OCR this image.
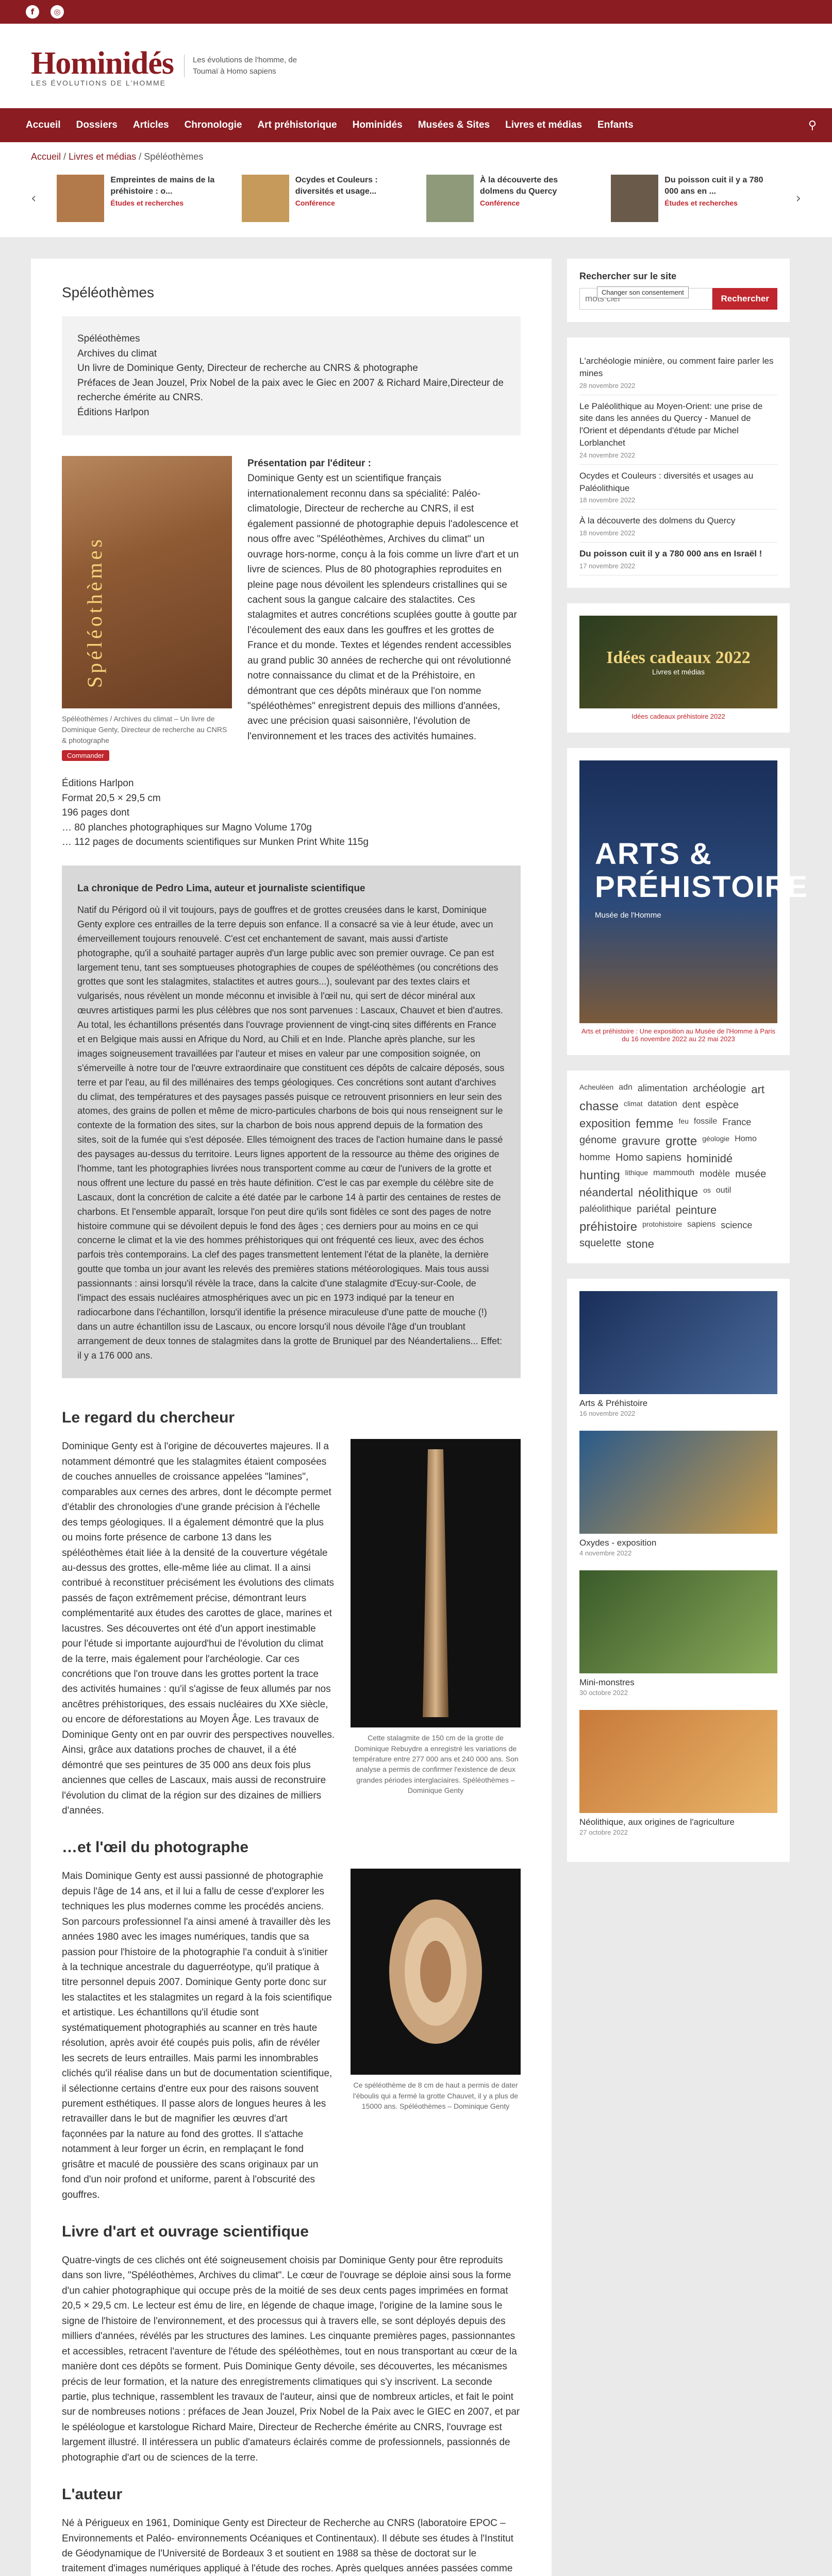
f	◎
Hominidés
LES ÉVOLUTIONS DE L'HOMME
Les évolutions de l'homme, de Toumaï à Homo sapiens
Accueil Dossiers Articles Chronologie Art préhistorique Hominidés Musées & Sites Livres et médias Enfants	⚲
Accueil / Livres et médias / Spéléothèmes
‹
Empreintes de mains de la préhistoire : o...
Études et recherches
Ocydes et Couleurs : diversités et usage...
Conférence
À la découverte des dolmens du Quercy
Conférence
Du poisson cuit il y a 780 000 ans en ...
Études et recherches	›
Spéléothèmes
Spéléothèmes
Archives du climat
Un livre de Dominique Genty, Directeur de recherche au CNRS & photographe
Préfaces de Jean Jouzel, Prix Nobel de la paix avec le Giec en 2007 & Richard Maire,Directeur de recherche émérite au CNRS.
Éditions Harlpon
Spéléothèmes
Spéléothèmes / Archives du climat – Un livre de Dominique Genty, Directeur de recherche au CNRS & photographe
Commander
Présentation par l'éditeur :
Dominique Genty est un scientifique français internationalement reconnu dans sa spécialité: Paléo-climatologie, Directeur de recherche au CNRS, il est également passionné de photographie depuis l'adolescence et nous offre avec "Spéléothèmes, Archives du climat" un ouvrage hors-norme, conçu à la fois comme un livre d'art et un livre de sciences. Plus de 80 photographies reproduites en pleine page nous dévoilent les splendeurs cristallines qui se cachent sous la gangue calcaire des stalactites. Ces stalagmites et autres concrétions scuplées goutte à goutte par l'écoulement des eaux dans les gouffres et les grottes de France et du monde. Textes et légendes rendent accessibles au grand public 30 années de recherche qui ont révolutionné notre connaissance du climat et de la Préhistoire, en démontrant que ces dépôts minéraux que l'on nomme "spéléothèmes" enregistrent depuis des millions d'années, avec une précision quasi saisonnière, l'évolution de l'environnement et les traces des activités humaines.
Éditions Harlpon
Format 20,5 × 29,5 cm
196 pages dont
… 80 planches photographiques sur Magno Volume 170g
… 112 pages de documents scientifiques sur Munken Print White 115g
La chronique de Pedro Lima, auteur et journaliste scientifique
Natif du Périgord où il vit toujours, pays de gouffres et de grottes creusées dans le karst, Dominique Genty explore ces entrailles de la terre depuis son enfance. Il a consacré sa vie à leur étude, avec un émerveillement toujours renouvelé. C'est cet enchantement de savant, mais aussi d'artiste photographe, qu'il a souhaité partager auprès d'un large public avec son premier ouvrage. Ce pan est largement tenu, tant ses somptueuses photographies de coupes de spéléothèmes (ou concrétions des grottes que sont les stalagmites, stalactites et autres gours...), soulevant par des textes clairs et vulgarisés, nous révèlent un monde méconnu et invisible à l'œil nu, qui sert de décor minéral aux œuvres artistiques parmi les plus célèbres que nos sont parvenues : Lascaux, Chauvet et bien d'autres. Au total, les échantillons présentés dans l'ouvrage proviennent de vingt-cinq sites différents en France et en Belgique mais aussi en Afrique du Nord, au Chili et en Inde. Planche après planche, sur les images soigneusement travaillées par l'auteur et mises en valeur par une composition soignée, on s'émerveille à notre tour de l'œuvre extraordinaire que constituent ces dépôts de calcaire déposés, sous terre et par l'eau, au fil des millénaires des temps géologiques. Ces concrétions sont autant d'archives du climat, des températures et des paysages passés puisque ce retrouvent prisonniers en leur sein des atomes, des grains de pollen et même de micro-particules charbons de bois qui nous renseignent sur le contexte de la formation des sites, sur la charbon de bois nous apprend depuis de la formation des sites, soit de la fumée qui s'est déposée. Elles témoignent des traces de l'action humaine dans le passé des paysages au-dessus du territoire. Leurs lignes apportent de la ressource au thème des origines de l'homme, tant les photographies livrées nous transportent comme au cœur de l'univers de la grotte et nous offrent une lecture du passé en très haute définition. C'est le cas par exemple du célèbre site de Lascaux, dont la concrétion de calcite a été datée par le carbone 14 à partir des centaines de restes de charbons. Et l'ensemble apparaît, lorsque l'on peut dire qu'ils sont fidèles ce sont des pages de notre histoire commune qui se dévoilent depuis le fond des âges ; ces derniers pour au moins en ce qui concerne le climat et la vie des hommes préhistoriques qui ont fréquenté ces lieux, avec des échos parfois très contemporains. La clef des pages transmettent lentement l'état de la planète, la dernière goutte que tomba un jour avant les relevés des premières stations météorologiques. Mais tous aussi passionnants : ainsi lorsqu'il révèle la trace, dans la calcite d'une stalagmite d'Ecuy-sur-Coole, de l'impact des essais nucléaires atmosphériques avec un pic en 1973 indiqué par la teneur en radiocarbone dans l'échantillon, lorsqu'il identifie la présence miraculeuse d'une patte de mouche (!) dans un autre échantillon issu de Lascaux, ou encore lorsqu'il nous dévoile l'âge d'un troublant arrangement de deux tonnes de stalagmites dans la grotte de Bruniquel par des Néandertaliens... Effet: il y a 176 000 ans.
Le regard du chercheur
Dominique Genty est à l'origine de découvertes majeures. Il a notamment démontré que les stalagmites étaient composées de couches annuelles de croissance appelées "lamines", comparables aux cernes des arbres, dont le décompte permet d'établir des chronologies d'une grande précision à l'échelle des temps géologiques. Il a également démontré que la plus ou moins forte présence de carbone 13 dans les spéléothèmes était liée à la densité de la couverture végétale au-dessus des grottes, elle-même liée au climat. Il a ainsi contribué à reconstituer précisément les évolutions des climats passés de façon extrêmement précise, démontrant leurs complémentarité aux études des carottes de glace, marines et lacustres. Ses découvertes ont été d'un apport inestimable pour l'étude si importante aujourd'hui de l'évolution du climat de la terre, mais également pour l'archéologie. Car ces concrétions que l'on trouve dans les grottes portent la trace des activités humaines : qu'il s'agisse de feux allumés par nos ancêtres préhistoriques, des essais nucléaires du XXe siècle, ou encore de déforestations au Moyen Âge. Les travaux de Dominique Genty ont en par ouvrir des perspectives nouvelles. Ainsi, grâce aux datations proches de chauvet, il a été démontré que ses peintures de 35 000 ans deux fois plus anciennes que celles de Lascaux, mais aussi de reconstruire l'évolution du climat de la région sur des dizaines de milliers d'années.
Cette stalagmite de 150 cm de la grotte de Dominique Rebuydre a enregistré les variations de température entre 277 000 ans et 240 000 ans. Son analyse a permis de confirmer l'existence de deux grandes périodes interglaciaires. Spéléothèmes – Dominique Genty
…et l'œil du photographe
Mais Dominique Genty est aussi passionné de photographie depuis l'âge de 14 ans, et il lui a fallu de cesse d'explorer les techniques les plus modernes comme les procédés anciens. Son parcours professionnel l'a ainsi amené à travailler dès les années 1980 avec les images numériques, tandis que sa passion pour l'histoire de la photographie l'a conduit à s'initier à la technique ancestrale du daguerréotype, qu'il pratique à titre personnel depuis 2007. Dominique Genty porte donc sur les stalactites et les stalagmites un regard à la fois scientifique et artistique. Les échantillons qu'il étudie sont systématiquement photographiés au scanner en très haute résolution, après avoir été coupés puis polis, afin de révéler les secrets de leurs entrailles. Mais parmi les innombrables clichés qu'il réalise dans un but de documentation scientifique, il sélectionne certains d'entre eux pour des raisons souvent purement esthétiques. Il passe alors de longues heures à les retravailler dans le but de magnifier les œuvres d'art façonnées par la nature au fond des grottes. Il s'attache notamment à leur forger un écrin, en remplaçant le fond grisâtre et maculé de poussière des scans originaux par un fond d'un noir profond et uniforme, parent à l'obscurité des gouffres.
Ce spéléothème de 8 cm de haut a permis de dater l'éboulis qui a fermé la grotte Chauvet, il y a plus de 15000 ans. Spéléothèmes – Dominique Genty
Livre d'art et ouvrage scientifique
Quatre-vingts de ces clichés ont été soigneusement choisis par Dominique Genty pour être reproduits dans son livre, "Spéléothèmes, Archives du climat". Le cœur de l'ouvrage se déploie ainsi sous la forme d'un cahier photographique qui occupe près de la moitié de ses deux cents pages imprimées en format 20,5 × 29,5 cm. Le lecteur est ému de lire, en légende de chaque image, l'origine de la lamine sous le signe de l'histoire de l'environnement, et des processus qui à travers elle, se sont déployés depuis des milliers d'années, révélés par les structures des lamines. Les cinquante premières pages, passionnantes et accessibles, retracent l'aventure de l'étude des spéléothèmes, tout en nous transportant au cœur de la manière dont ces dépôts se forment. Puis Dominique Genty dévoile, ses découvertes, les mécanismes précis de leur formation, et la nature des enregistrements climatiques qui s'y inscrivent. La seconde partie, plus technique, rassemblent les travaux de l'auteur, ainsi que de nombreux articles, et fait le point sur de nombreuses notions : préfaces de Jean Jouzel, Prix Nobel de la Paix avec le GIEC en 2007, et par le spéléologue et karstologue Richard Maire, Directeur de Recherche émérite au CNRS, l'ouvrage est largement illustré. Il intéressera un public d'amateurs éclairés comme de professionnels, passionnés de photographie d'art ou de sciences de la terre.
L'auteur
Né à Périgueux en 1961, Dominique Genty est Directeur de Recherche au CNRS (laboratoire EPOC – Environnements et Paléo- environnements Océaniques et Continentaux). Il débute ses études à l'Institut de Géodynamique de l'Université de Bordeaux 3 et soutient en 1988 sa thèse de doctorat sur le traitement d'images numériques appliqué à l'étude des roches. Après quelques années passées comme
Rechercher sur le site
mots clef
Rechercher
L'archéologie minière, ou comment faire parler les mines
28 novembre 2022
Le Paléolithique au Moyen-Orient: une prise de site dans les années du Quercy - Manuel de l'Orient et dépendants d'étude par Michel Lorblanchet
24 novembre 2022
Ocydes et Couleurs : diversités et usages au Paléolithique
18 novembre 2022
À la découverte des dolmens du Quercy
18 novembre 2022
Du poisson cuit il y a 780 000 ans en Israël !
17 novembre 2022
Idées cadeaux 2022
Livres et médias
Idées cadeaux préhistoire 2022
ARTS & PRÉHISTOIRE
Musée de l'Homme
Arts et préhistoire : Une exposition au Musée de l'Homme à Paris du 16 novembre 2022 au 22 mai 2023
Acheuléen adn alimentation archéologie art
chasse climat datation dent espèce
exposition femme feu fossile France
génome gravure grotte géologie Homo
homme Homo sapiens hominidé
hunting lithique mammouth modèle musée
néandertal néolithique os outil
paléolithique pariétal peinture
préhistoire protohistoire sapiens science
squelette stone
Arts & Préhistoire
16 novembre 2022
Oxydes - exposition
4 novembre 2022
Mini-monstres
30 octobre 2022
Néolithique, aux origines de l'agriculture
27 octobre 2022
Changer son consentement
